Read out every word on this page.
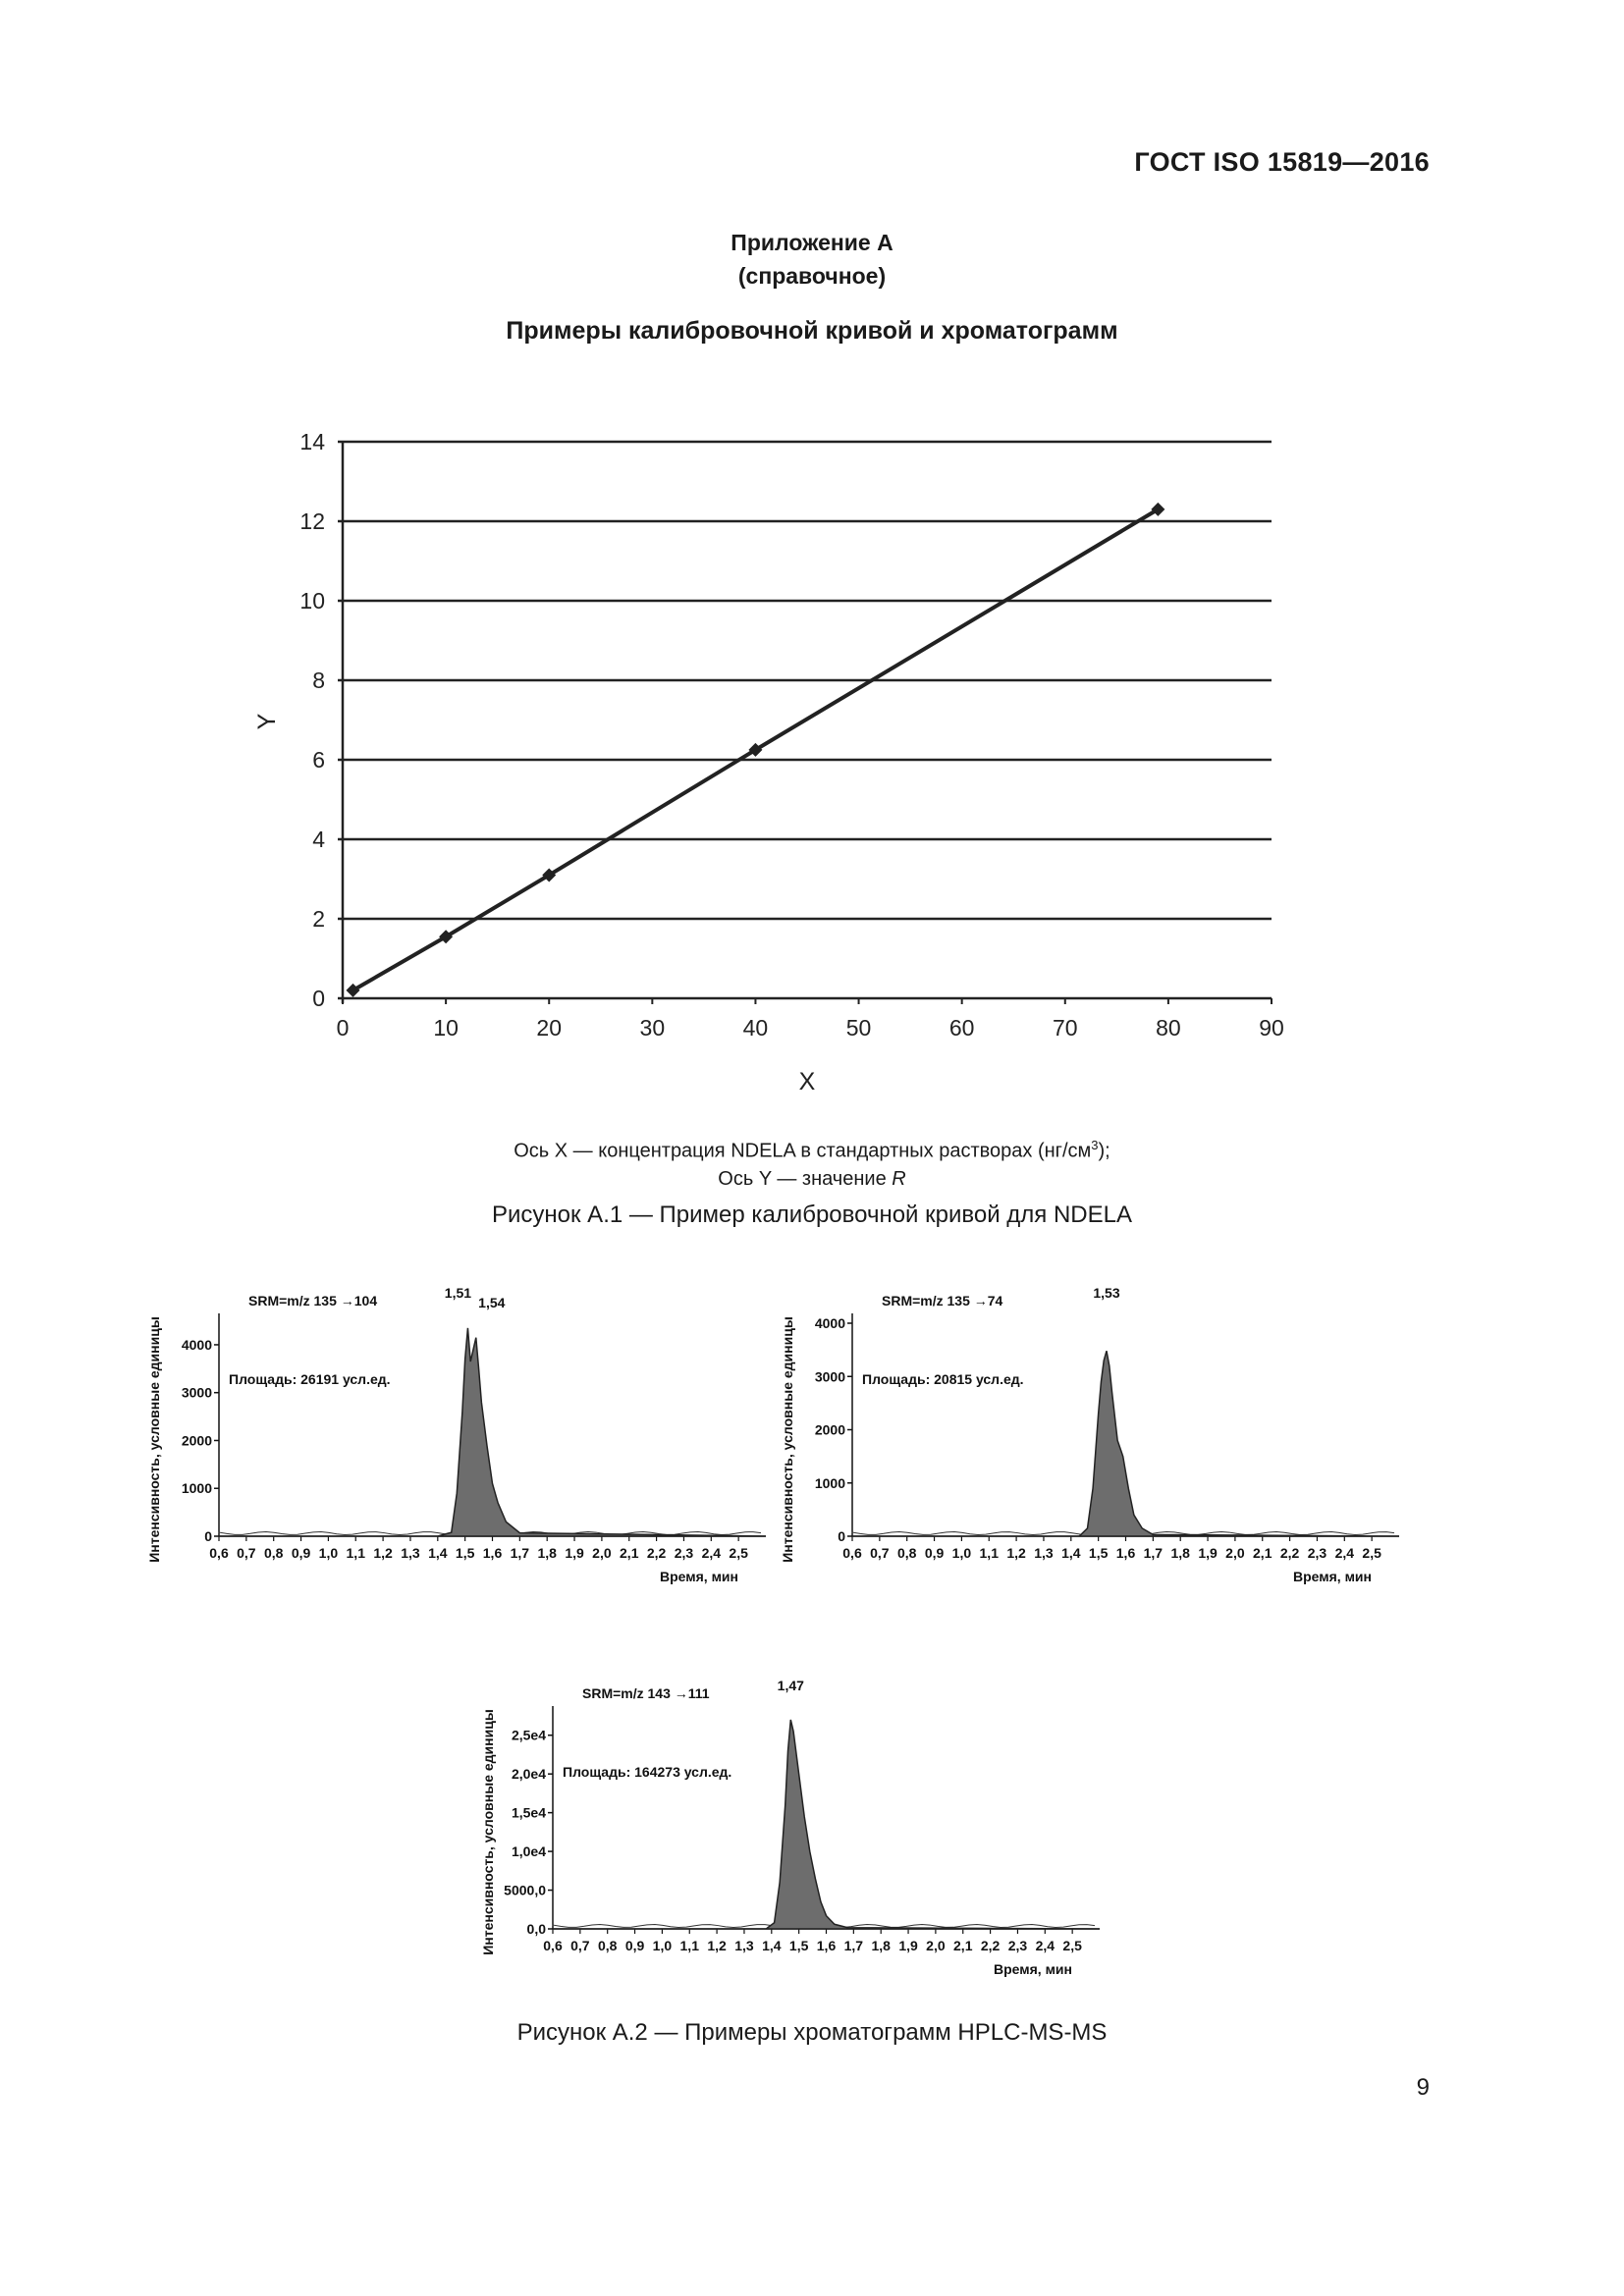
ГОСТ ISO 15819—2016
Приложение А
(справочное)
Примеры калибровочной кривой и хроматограмм
0
2
4
6
8
10
12
14
0	10	20	30	40	50	60	70	80	90
X
Y
Ось X — концентрация NDELA в стандартных растворах $(нг/см^3)$;
Ось Y — значение R
Рисунок А.1 — Пример калибровочной кривой для NDELA
0
1000
2000
3000
4000
0,6 0,7 0,8 0,9 1,0 1,1 1,2 1,3 1,4 1,5 1,6 1,7 1,8 1,9 2,0 2,1 2,2 2,3 2,4 2,5
Время, мин
Интенсивность, условные единицы
SRM=m/z 135 →104
Площадь: 26191 усл.ед.
1,51
1,54
0
1000
2000
3000
4000
0,6 0,7 0,8 0,9 1,0 1,1 1,2 1,3 1,4 1,5 1,6 1,7 1,8 1,9 2,0 2,1 2,2 2,3 2,4 2,5
Время, мин
Интенсивность, условные единицы
SRM=m/z 135 →74
Площадь: 20815 усл.ед.
1,53
0,0
5000,0
1,0e4
1,5e4
2,0e4
2,5e4
0,6 0,7 0,8 0,9 1,0 1,1 1,2 1,3 1,4 1,5 1,6 1,7 1,8 1,9 2,0 2,1 2,2 2,3 2,4 2,5
Время, мин
Интенсивность, условные единицы
SRM=m/z 143 →111
Площадь: 164273 усл.ед.
1,47
Рисунок А.2 — Примеры хроматограмм HPLC-MS-MS
9
